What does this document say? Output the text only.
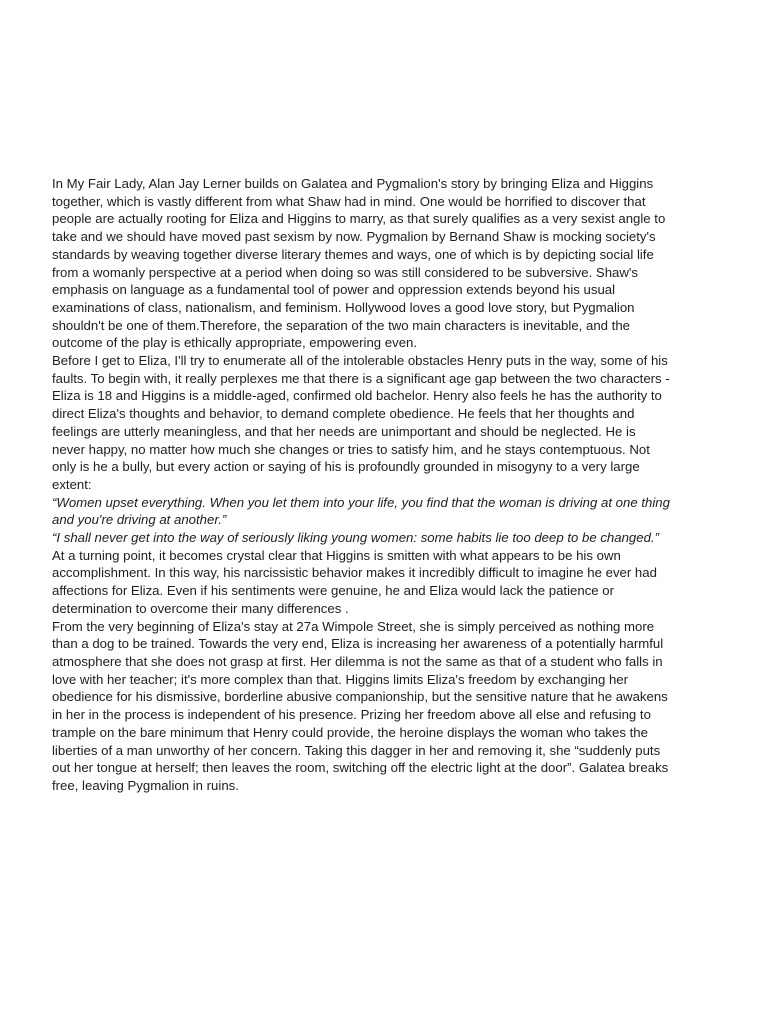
In My Fair Lady, Alan Jay Lerner builds on Galatea and Pygmalion's story by bringing Eliza and Higgins together, which is vastly different from what Shaw had in mind. One would be horrified to discover that people are actually rooting for Eliza and Higgins to marry, as that surely qualifies as a very sexist angle to take and we should have moved past sexism by now. Pygmalion by Bernand Shaw is mocking society's standards by weaving together diverse literary themes and ways, one of which is by depicting social life from a womanly perspective at a period when doing so was still considered to be subversive. Shaw's emphasis on language as a fundamental tool of power and oppression extends beyond his usual examinations of class, nationalism, and feminism. Hollywood loves a good love story, but Pygmalion shouldn't be one of them.Therefore, the separation of the two main characters is inevitable, and the outcome of the play is ethically appropriate, empowering even.

Before I get to Eliza, I'll try to enumerate all of the intolerable obstacles Henry puts in the way, some of his faults. To begin with, it really perplexes me that there is a significant age gap between the two characters - Eliza is 18 and Higgins is a middle-aged, confirmed old bachelor. Henry also feels he has the authority to direct Eliza's thoughts and behavior, to demand complete obedience. He feels that her thoughts and feelings are utterly meaningless, and that her needs are unimportant and should be neglected. He is never happy, no matter how much she changes or tries to satisfy him, and he stays contemptuous. Not only is he a bully, but every action or saying of his is profoundly grounded in misogyny to a very large extent:

“Women upset everything. When you let them into your life, you find that the woman is driving at one thing and you're driving at another.”

“I shall never get into the way of seriously liking young women: some habits lie too deep to be changed.”

At a turning point, it becomes crystal clear that Higgins is smitten with what appears to be his own accomplishment. In this way, his narcissistic behavior makes it incredibly difficult to imagine he ever had affections for Eliza. Even if his sentiments were genuine, he and Eliza would lack the patience or determination to overcome their many differences .

From the very beginning of Eliza's stay at 27a Wimpole Street, she is simply perceived as nothing more than a dog to be trained. Towards the very end, Eliza is increasing her awareness of a potentially harmful atmosphere that she does not grasp at first. Her dilemma is not the same as that of a student who falls in love with her teacher; it's more complex than that. Higgins limits Eliza's freedom by exchanging her obedience for his dismissive, borderline abusive companionship, but the sensitive nature that he awakens in her in the process is independent of his presence. Prizing her freedom above all else and refusing to trample on the bare minimum that Henry could provide, the heroine displays the woman who takes the liberties of a man unworthy of her concern. Taking this dagger in her and removing it, she “suddenly puts out her tongue at herself; then leaves the room, switching off the electric light at the door”. Galatea breaks free, leaving Pygmalion in ruins.
